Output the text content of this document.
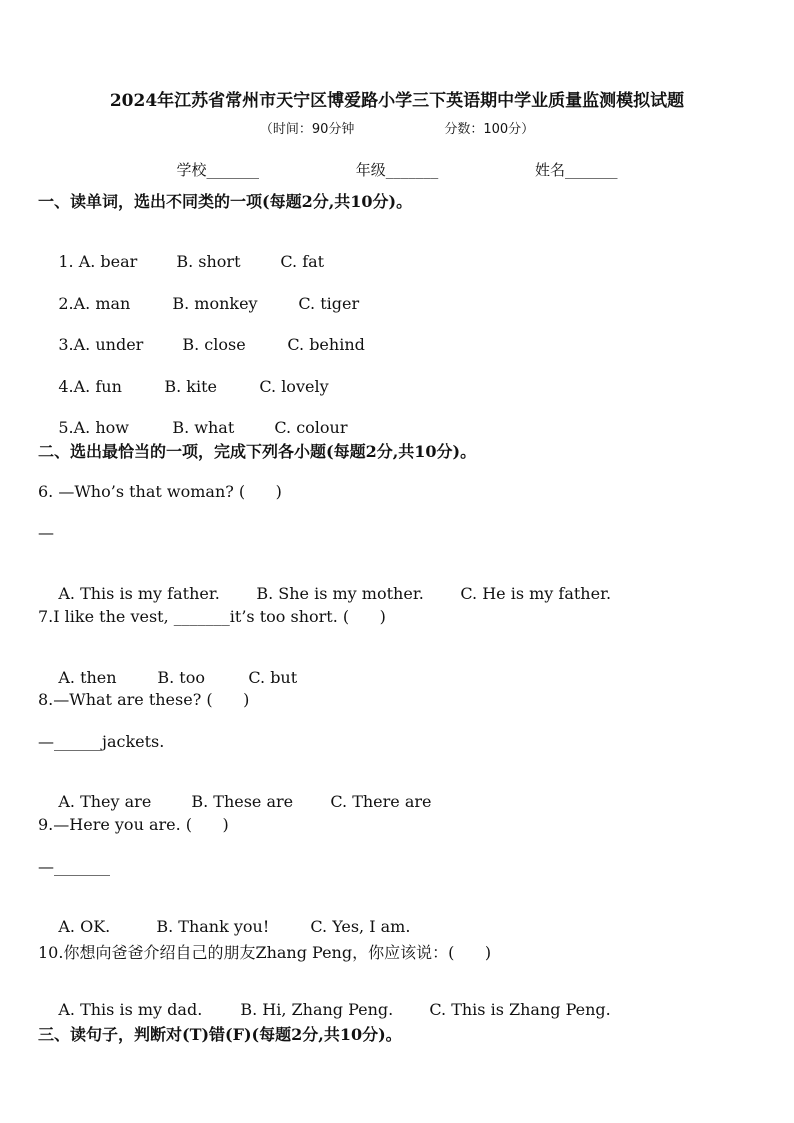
2024年江苏省常州市天宁区博爱路小学三下英语期中学业质量监测模拟试题
（时间：90分钟	分数：100分）
学校_______	年级_______	姓名_______
一、读单词，选出不同类的一项(每题2分,共10分)。

1. A. bear B. short C. fat

2.A. man	B. monkey	C. tiger

3.A. under B. close	C. behind

4.A. fun	B. kite	C. lovely

5.A. how	B. what	C. colour

二、选出最恰当的一项，完成下列各小题(每题2分,共10分)。
6. —Who’s that woman? (      )
—

A. This is my father. B. She is my mother. C. He is my father.

7.I like the vest, _______it’s too short. (      )

A. then	B. too	C. but

8.—What are these? (      )
—______jackets.

A. They are	B. These are C. There are

9.—Here you are. (      )
—_______

A. OK.	B. Thank you!	C. Yes, I am.

10.你想向爸爸介绍自己的朋友Zhang Peng，你应该说：(      )

A. This is my dad. B. Hi, Zhang Peng. C. This is Zhang Peng.

三、读句子，判断对(T)错(F)(每题2分,共10分)。
